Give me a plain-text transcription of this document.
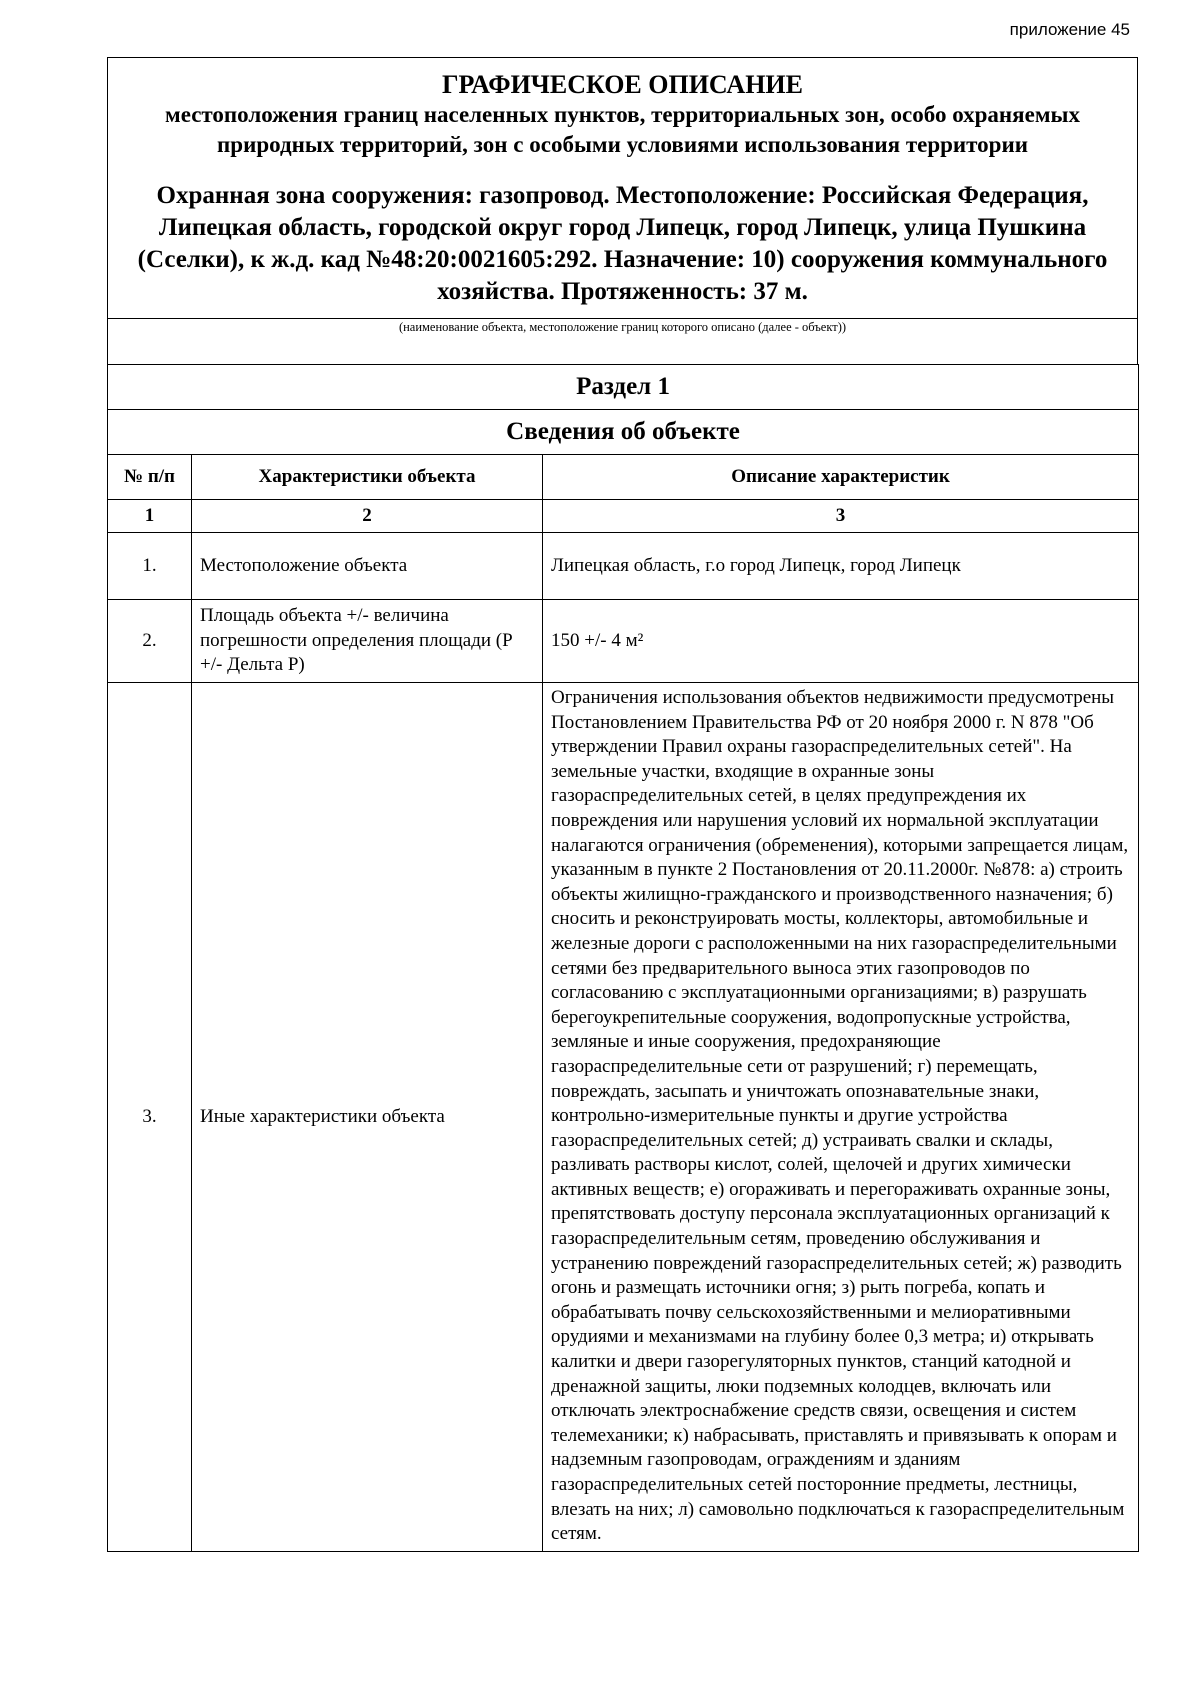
приложение 45
ГРАФИЧЕСКОЕ ОПИСАНИЕ
местоположения границ населенных пунктов, территориальных зон, особо охраняемых природных территорий, зон с особыми условиями использования территории
Охранная зона сооружения: газопровод. Местоположение: Российская Федерация, Липецкая область, городской округ город Липецк, город Липецк, улица Пушкина (Сселки), к ж.д. кад №48:20:0021605:292. Назначение: 10) сооружения коммунального хозяйства. Протяженность: 37 м.
(наименование объекта, местоположение границ которого описано (далее - объект))
Раздел 1		
Сведения об объекте		
№ п/п	Характеристики объекта	Описание характеристик
1	2	3
1.	Местоположение объекта	Липецкая область, г.о город Липецк, город Липецк
2.	Площадь объекта +/- величина погрешности определения площади (Р +/- Дельта Р)	150 +/- 4 м²
3.	Иные характеристики объекта	Ограничения использования объектов недвижимости предусмотрены Постановлением Правительства РФ от 20 ноября 2000 г. N 878 "Об утверждении Правил охраны газораспределительных сетей". На земельные участки, входящие в охранные зоны газораспределительных сетей, в целях предупреждения их повреждения или нарушения условий их нормальной эксплуатации налагаются ограничения (обременения), которыми запрещается лицам, указанным в пункте 2 Постановления от 20.11.2000г. №878: а) строить объекты жилищно-гражданского и производственного назначения; б) сносить и реконструировать мосты, коллекторы, автомобильные и железные дороги с расположенными на них газораспределительными сетями без предварительного выноса этих газопроводов по согласованию с эксплуатационными организациями; в) разрушать берегоукрепительные сооружения, водопропускные устройства, земляные и иные сооружения, предохраняющие газораспределительные сети от разрушений; г) перемещать, повреждать, засыпать и уничтожать опознавательные знаки, контрольно-измерительные пункты и другие устройства газораспределительных сетей; д) устраивать свалки и склады, разливать растворы кислот, солей, щелочей и других химически активных веществ; е) огораживать и перегораживать охранные зоны, препятствовать доступу персонала эксплуатационных организаций к газораспределительным сетям, проведению обслуживания и устранению повреждений газораспределительных сетей; ж) разводить огонь и размещать источники огня; з) рыть погреба, копать и обрабатывать почву сельскохозяйственными и мелиоративными орудиями и механизмами на глубину более 0,3 метра; и) открывать калитки и двери газорегуляторных пунктов, станций катодной и дренажной защиты, люки подземных колодцев, включать или отключать электроснабжение средств связи, освещения и систем телемеханики; к) набрасывать, приставлять и привязывать к опорам и надземным газопроводам, ограждениям и зданиям газораспределительных сетей посторонние предметы, лестницы, влезать на них; л) самовольно подключаться к газораспределительным сетям.
